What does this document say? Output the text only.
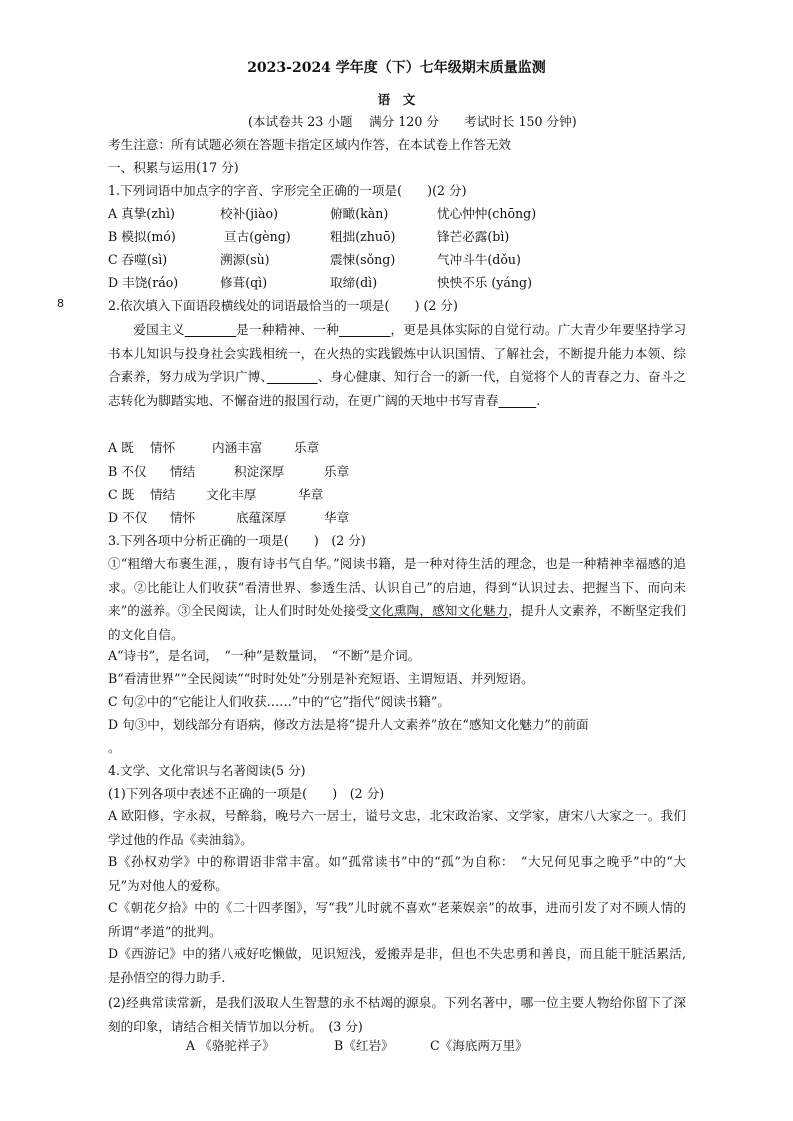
2023-2024 学年度（下）七年级期末质量监测
语　文
(本试卷共 23 小题　 满分 120 分　　考试时长 150 分钟)
考生注意：所有试题必须在答题卡指定区域内作答，在本试卷上作答无效
8
一、积累与运用(17 分)
1.下列词语中加点字的字音、字形完全正确的一项是(　　)(2 分)
A 真挚(zhì)	校补(jiào)	俯瞰(kàn)	忧心忡忡(chōng)
B 模拟(mó)	亘古(gèng)	粗拙(zhuō)	锋芒必露(bì)
C 吞噬(sì)	溯源(sù)	震悚(sǒng)	气冲斗牛(dǒu)
D 丰饶(ráo)	修葺(qì)	取缔(dì)	怏怏不乐 (yáng)
2.依次填入下面语段横线处的词语最恰当的一项是(　　) (2 分)
爱国主义　　　　	是一种精神、一种　　　　	，更是具体实际的自觉行动。广大青少年要坚持学习书本儿知识与投身社会实践相统一，在火热的实践锻炼中认识国情、了解社会，不断提升能力本领、综合素养，努力成为学识广博、　　　　	、身心健康、知行合一的新一代，自觉将个人的青春之力、奋斗之志转化为脚踏实地、不懈奋进的报国行动，在更广阔的天地中书写青春　　　	.
A 既 情怀	内涵丰富	乐章
B 不仅 情结	积淀深厚	乐章
C 既 情结 文化丰厚	华章
D 不仅 情怀	底蕴深厚	华章
3.下列各项中分析正确的一项是(　　)　(2 分)
①“粗缯大布裹生涯，，腹有诗书气自华。”阅读书籍，是一种对待生活的理念，也是一种精神幸福感的追求。②比能让人们收获“看清世界、参透生活、认识自己”的启迪，得到“认识过去、把握当下、而向未来”的滋养。③全民阅读，让人们时时处处接受文化熏陶，感知文化魅力，提升人文素养，不断坚定我们的文化自信。
A“诗书”，是名词，　“一种”是数量词，　“不断”是介词。
B“看清世界”“全民阅读”“时时处处”分别是补充短语、主谓短语、并列短语。
C 句②中的“它能让人们收获……”中的“它”指代“阅读书籍”。
D 句③中，划线部分有语病，修改方法是将“提升人文素养”放在“感知文化魅力”的前面
。
4.文学、文化常识与名著阅读(5 分)
(1)下列各项中表述不正确的一项是(　　)　(2 分)
A 欧阳修，字永叔，号醉翁，晚号六一居士，谥号文忠，北宋政治家、文学家，唐宋八大家之一。我们学过他的作品《卖油翁》。
B《孙权劝学》中的称谓语非常丰富。如“孤常读书”中的“孤”为自称：　“大兄何见事之晚乎”中的“大兄”为对他人的爱称。
C《朝花夕拾》中的《二十四孝图》，写“我”儿时就不喜欢“老莱娱亲”的故事，进而引发了对不顾人情的所谓“孝道”的批判。
D《西游记》中的猪八戒好吃懒做，见识短浅，爱搬弄是非，但也不失忠勇和善良，而且能干脏活累活,是孙悟空的得力助手.
(2)经典常读常新，是我们汲取人生智慧的永不枯竭的源泉。下列名著中，哪一位主要人物给你留下了深刻的印象，请结合相关情节加以分析。　(3 分)
A 《骆驼祥子》	B《红岩》	C《海底两万里》
